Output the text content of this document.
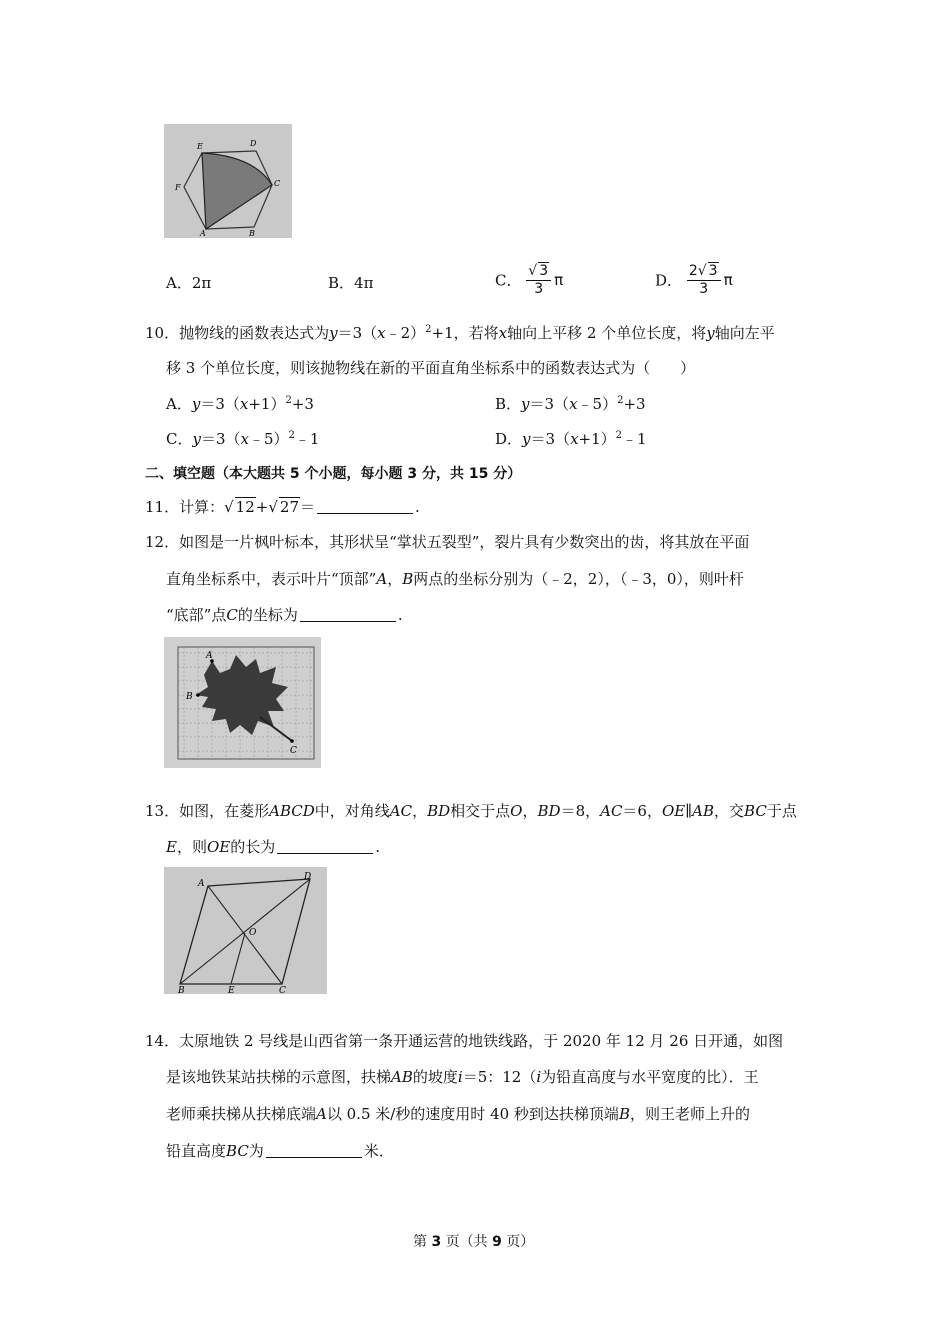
E	D
F	C
A	B
A．2π	B．4π	C． $\frac{√ 3}{3}$ π	D． $\frac{2√ 3}{3}$ π
10．抛物线的函数表达式为y＝3（x﹣2）$^2$+1，若将x轴向上平移 2 个单位长度，将y轴向左平
移 3 个单位长度，则该抛物线在新的平面直角坐标系中的函数表达式为（　　）
A．$y=3(x+1)^2+3$	B．y＝3（x﹣5）$^2$+3
C．y＝3（x﹣5）$^2$﹣1	D．$y=3(x+1)^2﹣1$
二、填空题（本大题共 5 个小题，每小题 3 分，共 15 分）
11．计算：√ 12+√ 27＝	.
12．如图是一片枫叶标本，其形状呈“掌状五裂型”，裂片具有少数突出的齿，将其放在平面
直角坐标系中，表示叶片“顶部”A，B两点的坐标分别为（﹣2，2），（﹣3，0），则叶杆
“底部”点C的坐标为	.
A
B
C
13．如图，在菱形ABCD中，对角线AC，BD相交于点O，BD＝8，AC＝6，OE∥AB，交BC于点
E，则OE的长为	.
A
D
O
B	E	C
14．太原地铁 2 号线是山西省第一条开通运营的地铁线路，于 2020 年 12 月 26 日开通，如图
是该地铁某站扶梯的示意图，扶梯AB的坡度i＝5：12（i为铅直高度与水平宽度的比）．王
老师乘扶梯从扶梯底端A以 0.5 米/秒的速度用时 40 秒到达扶梯顶端B，则王老师上升的
铅直高度BC为	米．
第 3 页（共 9 页）
